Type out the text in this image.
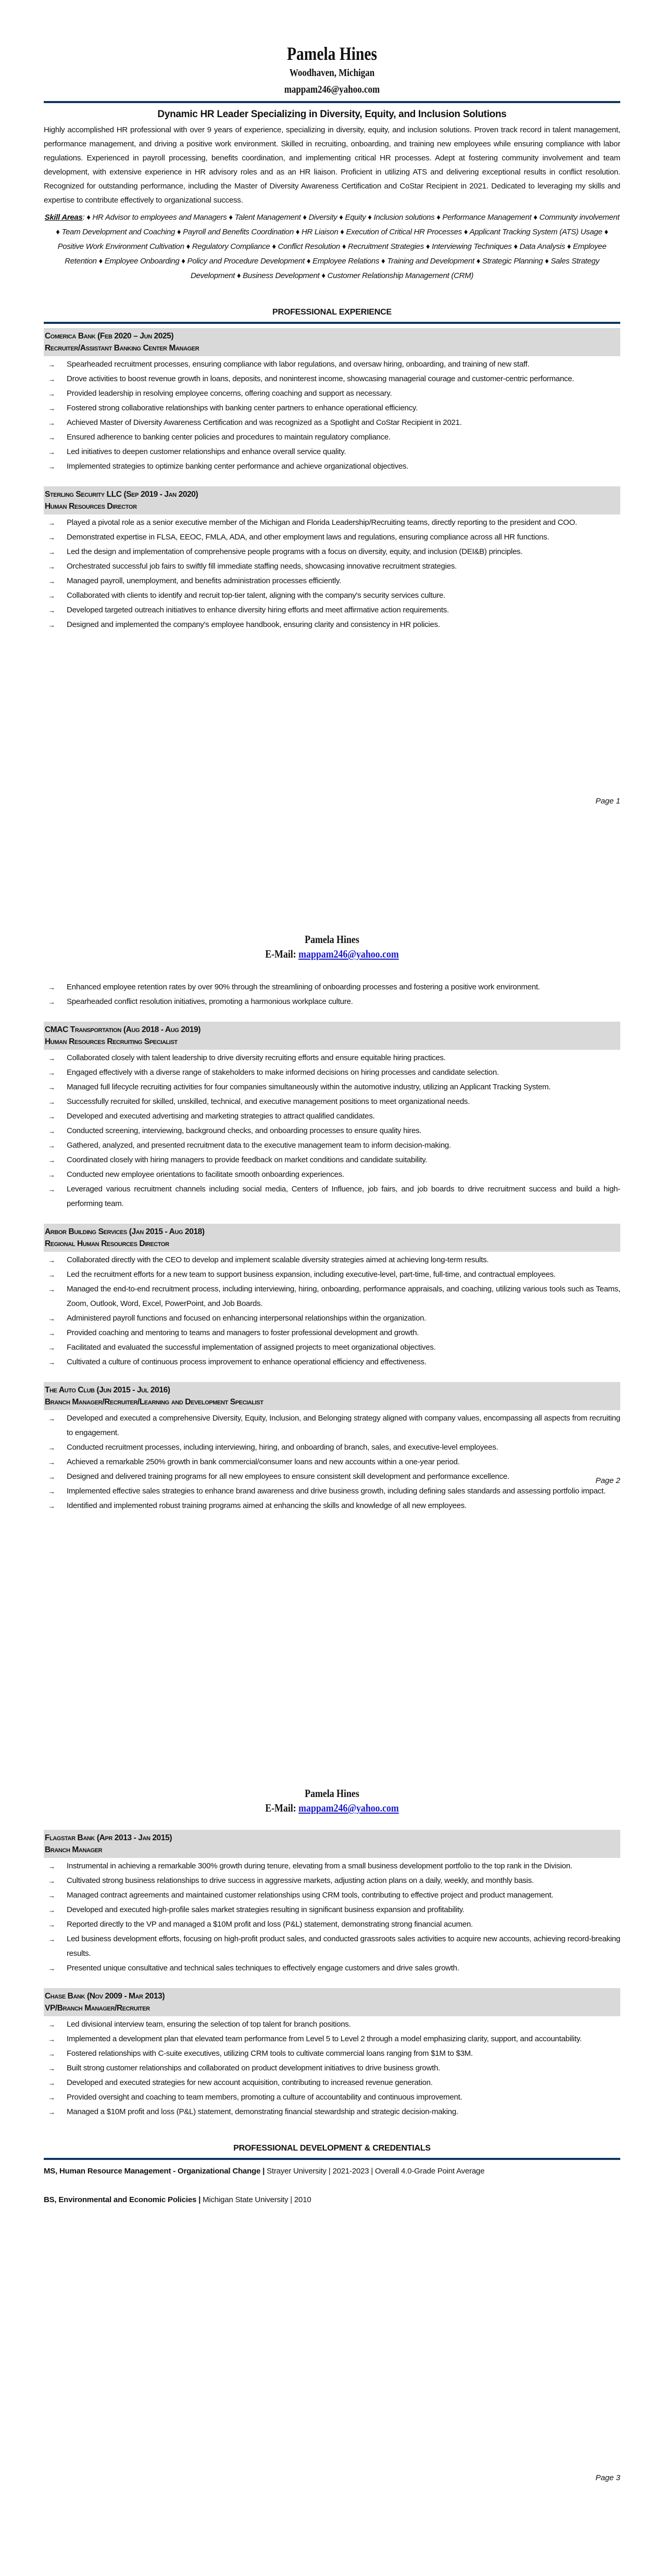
Pamela Hines
Woodhaven, Michigan
mappam246@yahoo.com
Dynamic HR Leader Specializing in Diversity, Equity, and Inclusion Solutions

Highly accomplished HR professional with over 9 years of experience, specializing in diversity, equity, and inclusion solutions. Proven track record in talent management, performance management, and driving a positive work environment. Skilled in recruiting, onboarding, and training new employees while ensuring compliance with labor regulations. Experienced in payroll processing, benefits coordination, and implementing critical HR processes. Adept at fostering community involvement and team development, with extensive experience in HR advisory roles and as an HR liaison. Proficient in utilizing ATS and delivering exceptional results in conflict resolution. Recognized for outstanding performance, including the Master of Diversity Awareness Certification and CoStar Recipient in 2021. Dedicated to leveraging my skills and expertise to contribute effectively to organizational success.

Skill Areas: ♦ HR Advisor to employees and Managers ♦ Talent Management ♦ Diversity ♦ Equity ♦ Inclusion solutions ♦ Performance Management ♦ Community involvement ♦ Team Development and Coaching ♦ Payroll and Benefits Coordination ♦ HR Liaison ♦ Execution of Critical HR Processes ♦ Applicant Tracking System (ATS) Usage ♦ Positive Work Environment Cultivation ♦ Regulatory Compliance ♦ Conflict Resolution ♦ Recruitment Strategies ♦ Interviewing Techniques ♦ Data Analysis ♦ Employee Retention ♦ Employee Onboarding ♦ Policy and Procedure Development ♦ Employee Relations ♦ Training and Development ♦ Strategic Planning ♦ Sales Strategy Development ♦ Business Development ♦ Customer Relationship Management (CRM)

PROFESSIONAL EXPERIENCE
Comerica Bank (Feb 2020 – Jun 2025)
Recruiter/Assistant Banking Center Manager
→ Spearheaded recruitment processes, ensuring compliance with labor regulations, and oversaw hiring, onboarding, and training of new staff.
→ Drove activities to boost revenue growth in loans, deposits, and noninterest income, showcasing managerial courage and customer-centric performance.
→ Provided leadership in resolving employee concerns, offering coaching and support as necessary.
→ Fostered strong collaborative relationships with banking center partners to enhance operational efficiency.
→ Achieved Master of Diversity Awareness Certification and was recognized as a Spotlight and CoStar Recipient in 2021.
→ Ensured adherence to banking center policies and procedures to maintain regulatory compliance.
→ Led initiatives to deepen customer relationships and enhance overall service quality.
→ Implemented strategies to optimize banking center performance and achieve organizational objectives.
Sterling Security LLC (Sep 2019 - Jan 2020)
Human Resources Director
→ Played a pivotal role as a senior executive member of the Michigan and Florida Leadership/Recruiting teams, directly reporting to the president and COO.
→ Demonstrated expertise in FLSA, EEOC, FMLA, ADA, and other employment laws and regulations, ensuring compliance across all HR functions.
→ Led the design and implementation of comprehensive people programs with a focus on diversity, equity, and inclusion (DEI&B) principles.
→ Orchestrated successful job fairs to swiftly fill immediate staffing needs, showcasing innovative recruitment strategies.
→ Managed payroll, unemployment, and benefits administration processes efficiently.
→ Collaborated with clients to identify and recruit top-tier talent, aligning with the company's security services culture.
→ Developed targeted outreach initiatives to enhance diversity hiring efforts and meet affirmative action requirements.
→ Designed and implemented the company's employee handbook, ensuring clarity and consistency in HR policies.
Page 1
Pamela Hines
E-Mail: mappam246@yahoo.com
→ Enhanced employee retention rates by over 90% through the streamlining of onboarding processes and fostering a positive work environment.
→ Spearheaded conflict resolution initiatives, promoting a harmonious workplace culture.
CMAC Transportation (Aug 2018 - Aug 2019)
Human Resources Recruiting Specialist
→ Collaborated closely with talent leadership to drive diversity recruiting efforts and ensure equitable hiring practices.
→ Engaged effectively with a diverse range of stakeholders to make informed decisions on hiring processes and candidate selection.
→ Managed full lifecycle recruiting activities for four companies simultaneously within the automotive industry, utilizing an Applicant Tracking System.
→ Successfully recruited for skilled, unskilled, technical, and executive management positions to meet organizational needs.
→ Developed and executed advertising and marketing strategies to attract qualified candidates.
→ Conducted screening, interviewing, background checks, and onboarding processes to ensure quality hires.
→ Gathered, analyzed, and presented recruitment data to the executive management team to inform decision-making.
→ Coordinated closely with hiring managers to provide feedback on market conditions and candidate suitability.
→ Conducted new employee orientations to facilitate smooth onboarding experiences.
→ Leveraged various recruitment channels including social media, Centers of Influence, job fairs, and job boards to drive recruitment success and build a high-performing team.
Arbor Building Services (Jan 2015 - Aug 2018)
Regional Human Resources Director
→ Collaborated directly with the CEO to develop and implement scalable diversity strategies aimed at achieving long-term results.
→ Led the recruitment efforts for a new team to support business expansion, including executive-level, part-time, full-time, and contractual employees.
→ Managed the end-to-end recruitment process, including interviewing, hiring, onboarding, performance appraisals, and coaching, utilizing various tools such as Teams, Zoom, Outlook, Word, Excel, PowerPoint, and Job Boards.
→ Administered payroll functions and focused on enhancing interpersonal relationships within the organization.
→ Provided coaching and mentoring to teams and managers to foster professional development and growth.
→ Facilitated and evaluated the successful implementation of assigned projects to meet organizational objectives.
→ Cultivated a culture of continuous process improvement to enhance operational efficiency and effectiveness.
The Auto Club (Jun 2015 - Jul 2016)
Branch Manager/Recruiter/Learning and Development Specialist
→ Developed and executed a comprehensive Diversity, Equity, Inclusion, and Belonging strategy aligned with company values, encompassing all aspects from recruiting to engagement.
→ Conducted recruitment processes, including interviewing, hiring, and onboarding of branch, sales, and executive-level employees.
→ Achieved a remarkable 250% growth in bank commercial/consumer loans and new accounts within a one-year period.
→ Designed and delivered training programs for all new employees to ensure consistent skill development and performance excellence.
→ Implemented effective sales strategies to enhance brand awareness and drive business growth, including defining sales standards and assessing portfolio impact.
→ Identified and implemented robust training programs aimed at enhancing the skills and knowledge of all new employees.
Page 2
Pamela Hines
E-Mail: mappam246@yahoo.com
Flagstar Bank (Apr 2013 - Jan 2015)
Branch Manager
→ Instrumental in achieving a remarkable 300% growth during tenure, elevating from a small business development portfolio to the top rank in the Division.
→ Cultivated strong business relationships to drive success in aggressive markets, adjusting action plans on a daily, weekly, and monthly basis.
→ Managed contract agreements and maintained customer relationships using CRM tools, contributing to effective project and product management.
→ Developed and executed high-profile sales market strategies resulting in significant business expansion and profitability.
→ Reported directly to the VP and managed a $10M profit and loss (P&L) statement, demonstrating strong financial acumen.
→ Led business development efforts, focusing on high-profit product sales, and conducted grassroots sales activities to acquire new accounts, achieving record-breaking results.
→ Presented unique consultative and technical sales techniques to effectively engage customers and drive sales growth.
Chase Bank (Nov 2009 - Mar 2013)
VP/Branch Manager/Recruiter
→ Led divisional interview team, ensuring the selection of top talent for branch positions.
→ Implemented a development plan that elevated team performance from Level 5 to Level 2 through a model emphasizing clarity, support, and accountability.
→ Fostered relationships with C-suite executives, utilizing CRM tools to cultivate commercial loans ranging from $1M to $3M.
→ Built strong customer relationships and collaborated on product development initiatives to drive business growth.
→ Developed and executed strategies for new account acquisition, contributing to increased revenue generation.
→ Provided oversight and coaching to team members, promoting a culture of accountability and continuous improvement.
→ Managed a $10M profit and loss (P&L) statement, demonstrating financial stewardship and strategic decision-making.
PROFESSIONAL DEVELOPMENT & CREDENTIALS

MS, Human Resource Management - Organizational Change | Strayer University | 2021-2023 | Overall 4.0-Grade Point Average

BS, Environmental and Economic Policies | Michigan State University | 2010

Page 3
